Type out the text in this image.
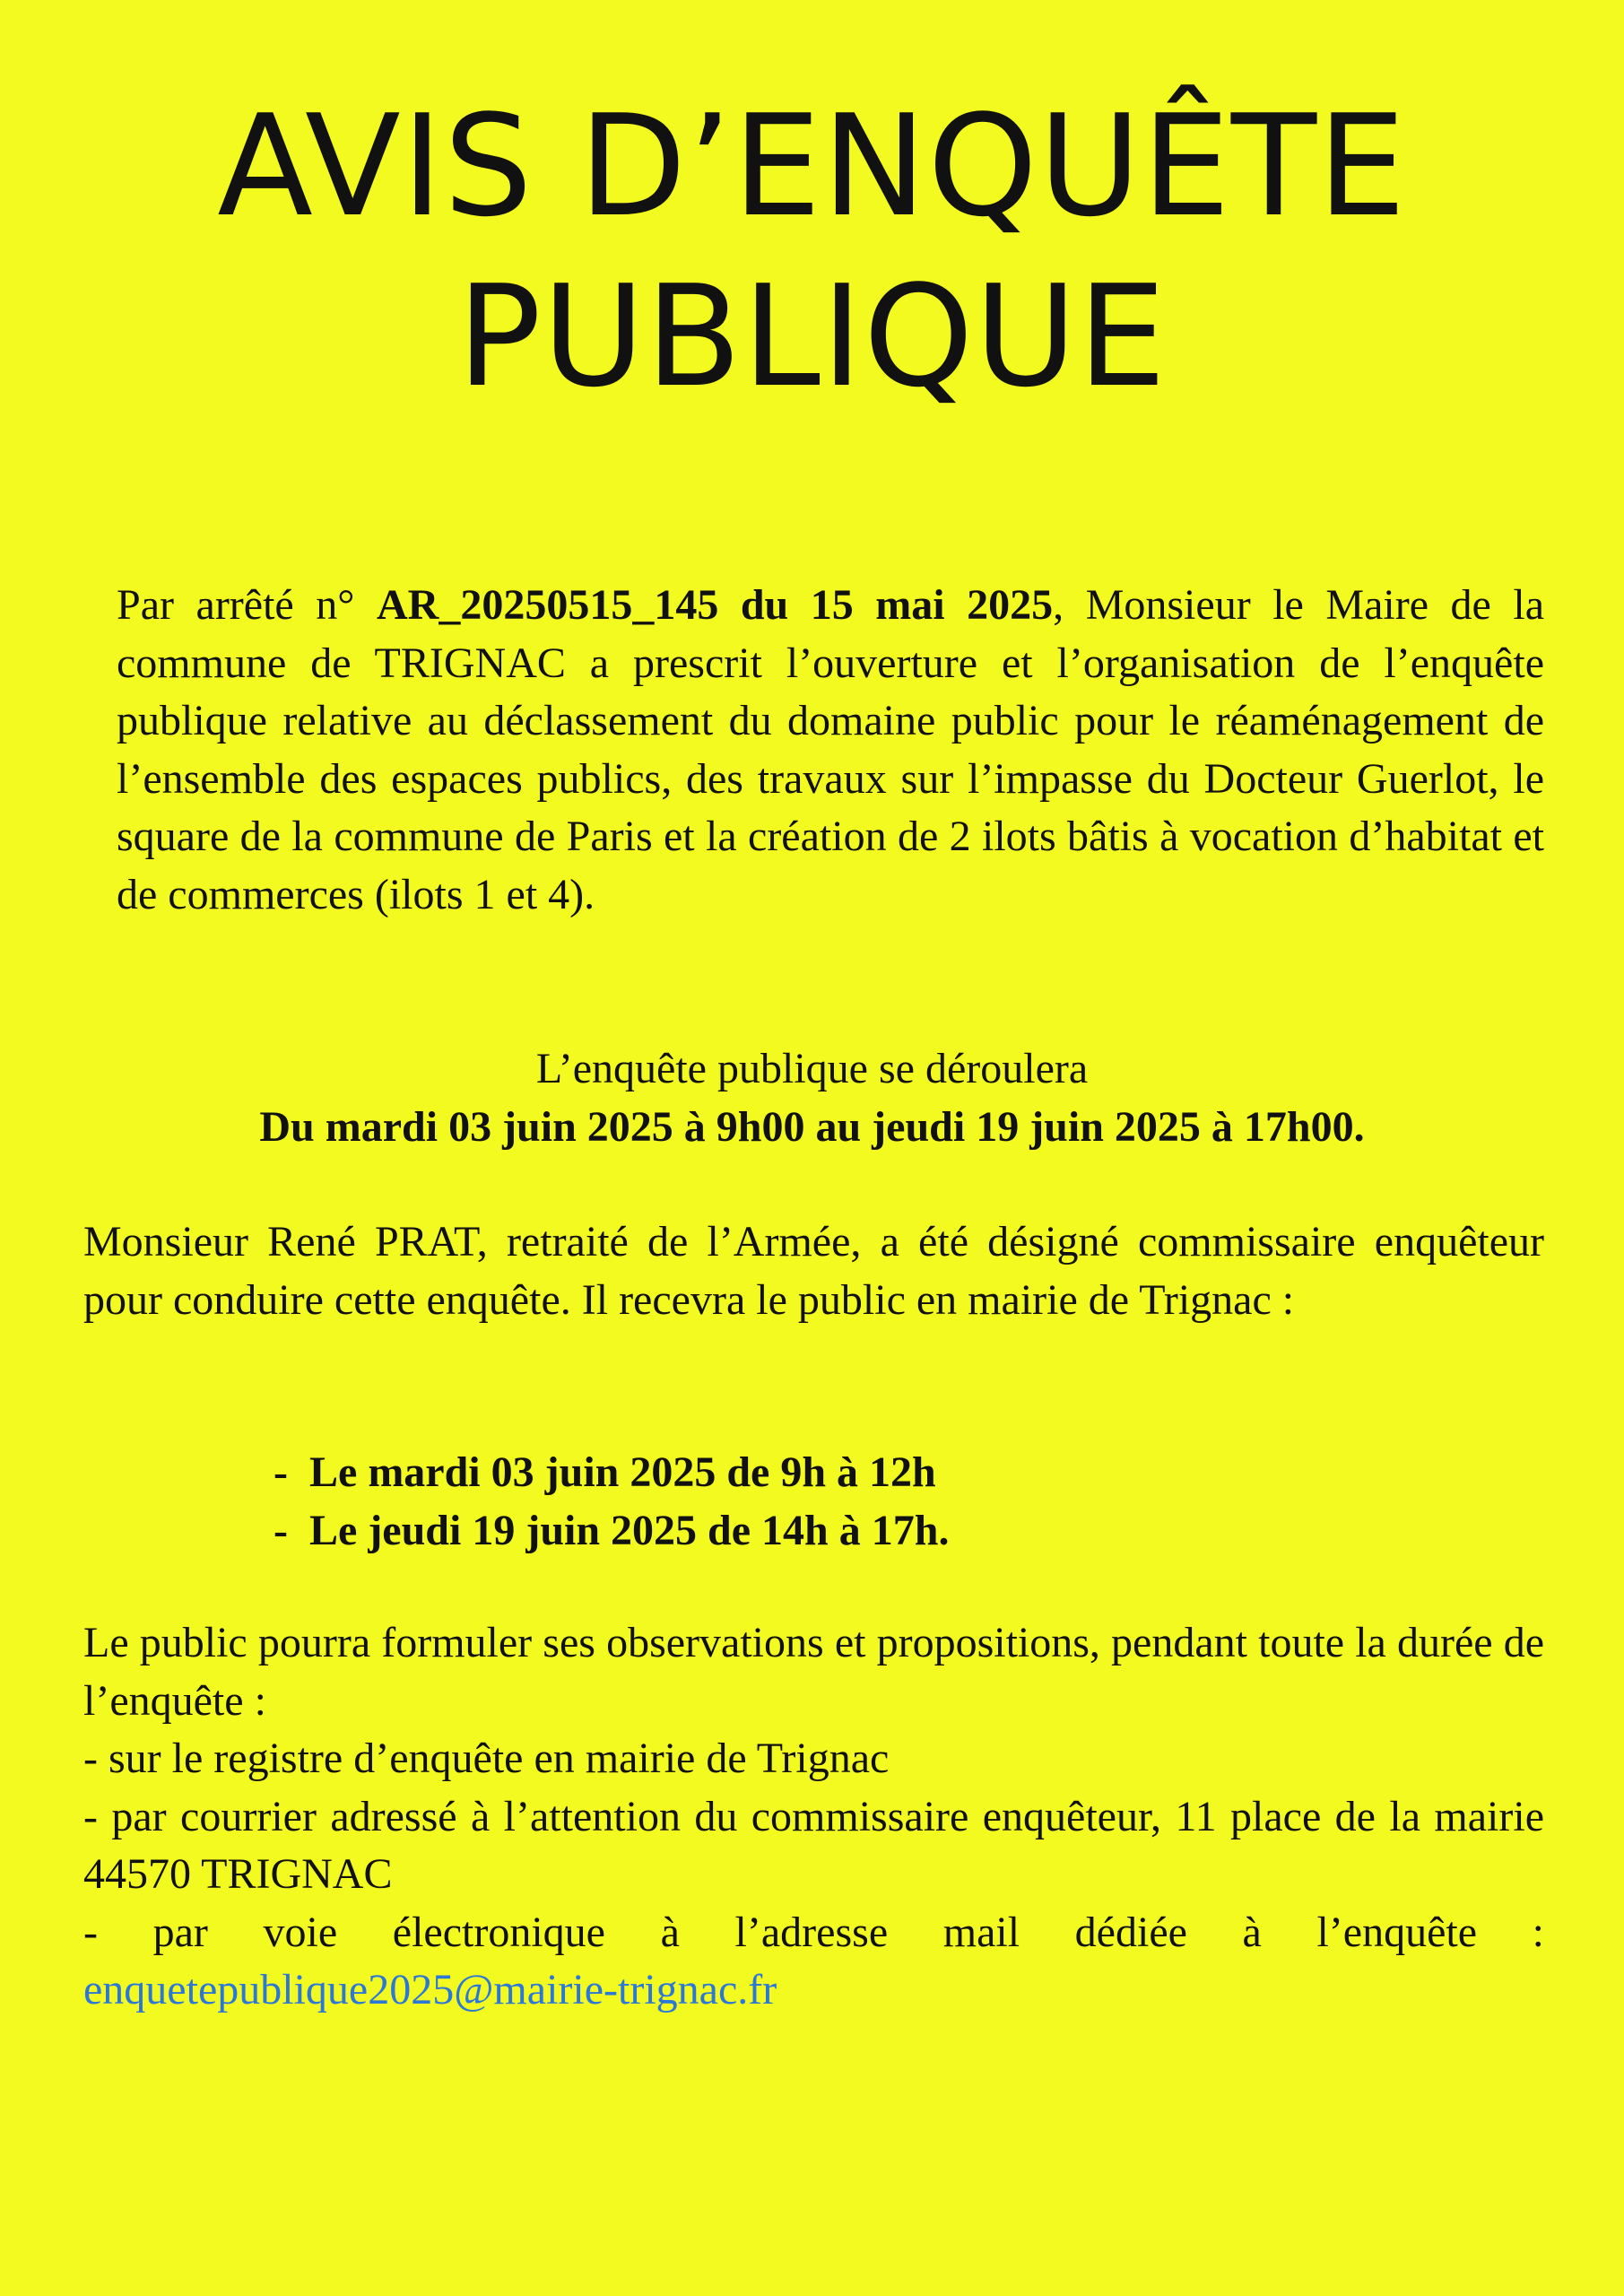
AVIS D’ENQUÊTE
PUBLIQUE
Par arrêté n° AR_20250515_145 du 15 mai 2025, Monsieur le Maire de la commune de TRIGNAC a prescrit l’ouverture et l’organisation de l’enquête publique relative au déclassement du domaine public pour le réaménagement de l’ensemble des espaces publics, des travaux sur l’impasse du Docteur Guerlot, le square de la commune de Paris et la création de 2 ilots bâtis à vocation d’habitat et de commerces (ilots 1 et 4).
L’enquête publique se déroulera
Du mardi 03 juin 2025 à 9h00 au jeudi 19 juin 2025 à 17h00.
Monsieur René PRAT, retraité de l’Armée, a été désigné commissaire enquêteur pour conduire cette enquête. Il recevra le public en mairie de Trignac :
- Le mardi 03 juin 2025 de 9h à 12h
- Le jeudi 19 juin 2025 de 14h à 17h.
Le public pourra formuler ses observations et propositions, pendant toute la durée de l’enquête :
- sur le registre d’enquête en mairie de Trignac
- par courrier adressé à l’attention du commissaire enquêteur, 11 place de la mairie 44570 TRIGNAC
- par voie électronique à l’adresse mail dédiée à l’enquête :
enquetepublique2025@mairie-trignac.fr
